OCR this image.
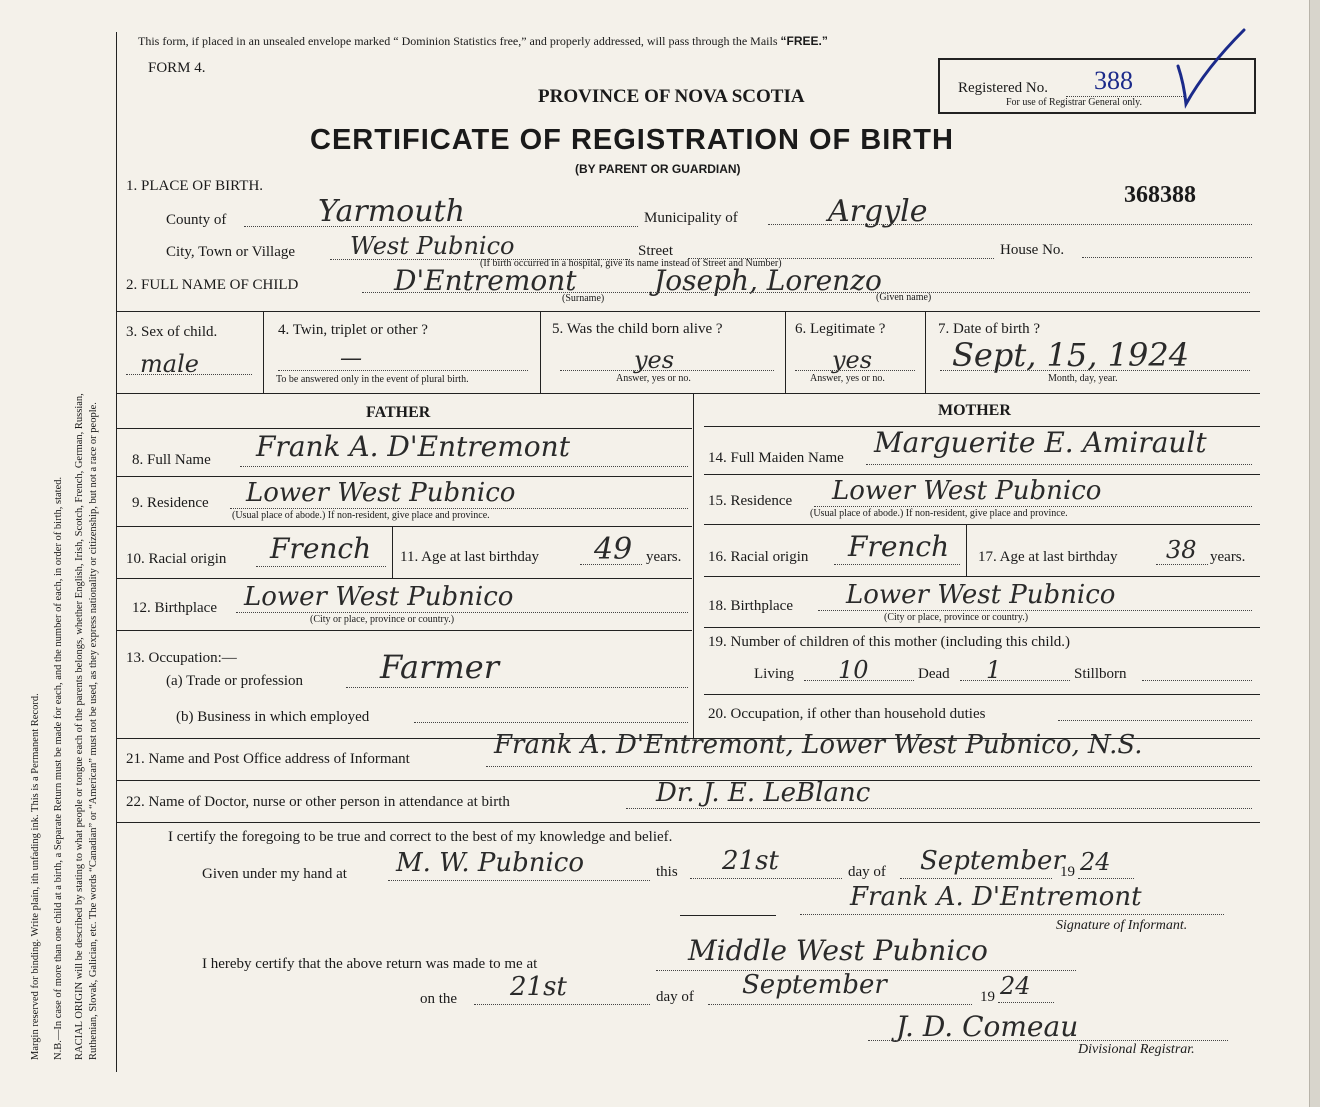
Margin reserved for binding. Write plain, ith unfading ink. This is a Permanent Record. N.B.—In case of more than one child at a birth, a Separate Return must be made for each, and the number of each, in order of birth, stated. RACIAL ORIGIN will be described by stating to what people or tongue each of the parents belongs, whether English, Irish, Scotch, French, German, Russian, Ruthenian, Slovak, Galician, etc. The words “Canadian” or “American” must not be used, as they express nationality or citizenship, but not a race or people.
This form, if placed in an unsealed envelope marked “ Dominion Statistics free,” and properly addressed, will pass through the Mails “FREE.”
FORM 4.
PROVINCE OF NOVA SCOTIA
CERTIFICATE OF REGISTRATION OF BIRTH
(BY PARENT OR GUARDIAN)
Registered No. 388
For use of Registrar General only.
1. PLACE OF BIRTH.	368388
County of	Yarmouth	Municipality of	Argyle
City, Town or Village West Pubnico	Street	House No.
(If birth occurred in a hospital, give its name instead of Street and Number)
2. FULL NAME OF CHILD	D'Entremont	Joseph, Lorenzo
(Surname)	(Given name)
3. Sex of child.
male
4. Twin, triplet or other ?
—
To be answered only in the event of plural birth.
5. Was the child born alive ?
yes
Answer, yes or no.
6. Legitimate ?
yes
Answer, yes or no.
7. Date of birth ?
Sept, 15, 1924
Month, day, year.
FATHER	MOTHER
8. Full Name Frank A. D'Entremont
9. Residence Lower West Pubnico
(Usual place of abode.) If non-resident, give place and province.
10. Racial origin French 11. Age at last birthday 49 years.
12. Birthplace Lower West Pubnico
(City or place, province or country.)
13. Occupation:—
(a) Trade or profession Farmer
(b) Business in which employed
14. Full Maiden Name Marguerite E. Amirault
15. Residence Lower West Pubnico
(Usual place of abode.) If non-resident, give place and province.
16. Racial origin French 17. Age at last birthday 38 years.
18. Birthplace Lower West Pubnico
(City or place, province or country.)
19. Number of children of this mother (including this child.)
Living 10	Dead 1	Stillborn
20. Occupation, if other than household duties
21. Name and Post Office address of Informant	Frank A. D'Entremont, Lower West Pubnico, N.S.
22. Name of Doctor, nurse or other person in attendance at birth	Dr. J. E. LeBlanc
I certify the foregoing to be true and correct to the best of my knowledge and belief.
Given under my hand at M. W. Pubnico	this 21st	day of September
19 24
Frank A. D'Entremont
Signature of Informant.
I hereby certify that the above return was made to me at	Middle West Pubnico
on the 21st	day of September	19 24
J. D. Comeau
Divisional Registrar.
